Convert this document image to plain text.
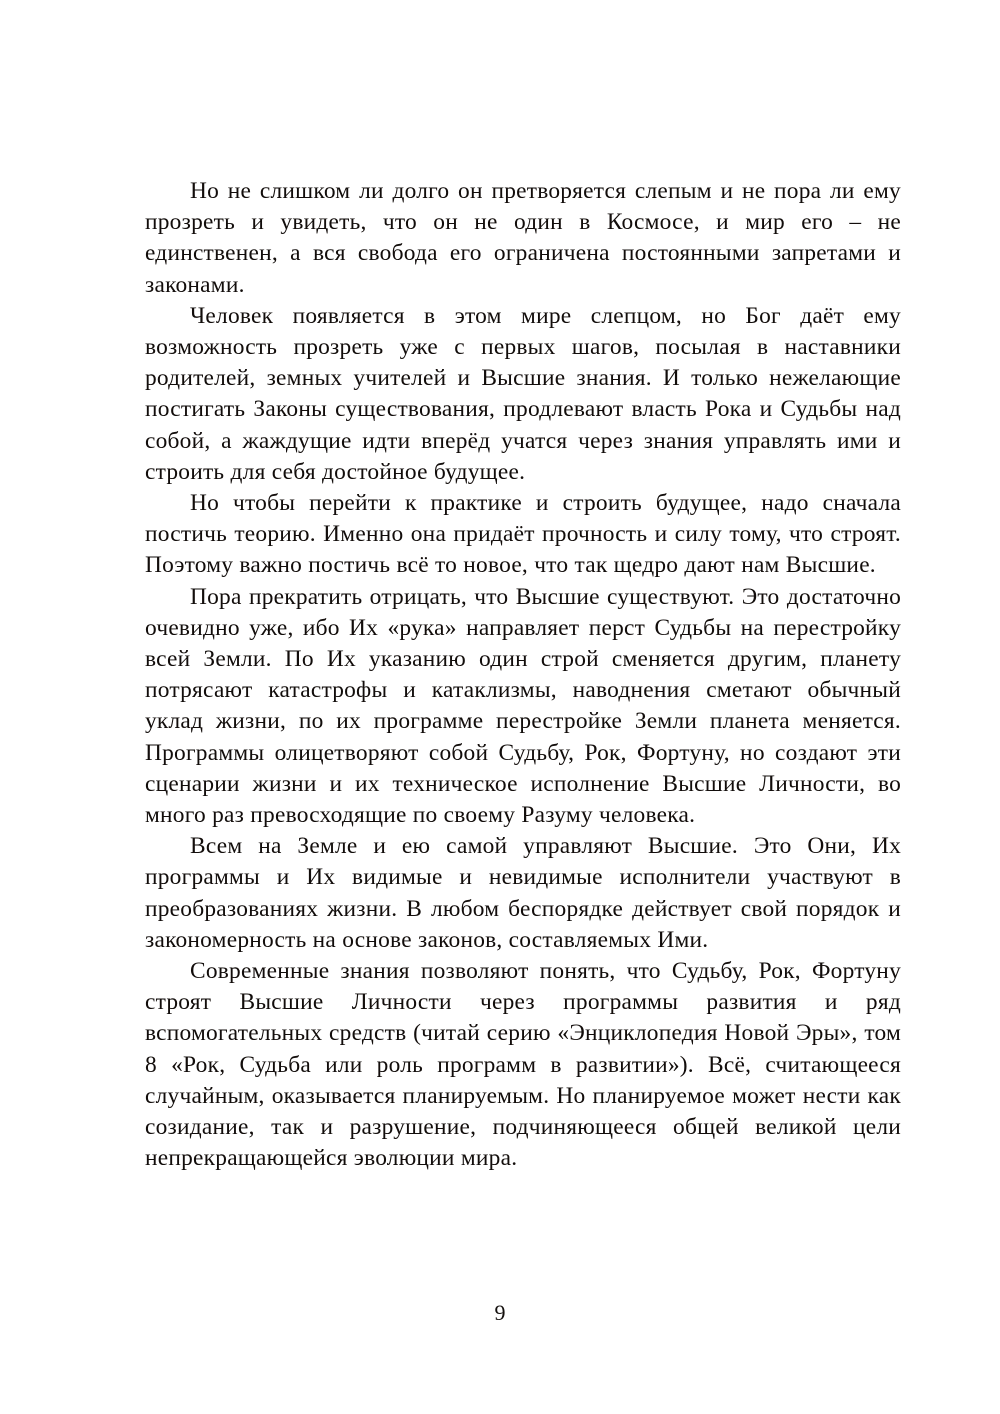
Но не слишком ли долго он претворяется слепым и не пора ли ему прозреть и увидеть, что он не один в Космосе, и мир его – не единственен, а вся свобода его ограничена постоянными запретами и законами.

Человек появляется в этом мире слепцом, но Бог даёт ему возможность прозреть уже с первых шагов, посылая в наставники родителей, земных учителей и Высшие знания. И только нежелающие постигать Законы существования, продлевают власть Рока и Судьбы над собой, а жаждущие идти вперёд учатся через знания управлять ими и строить для себя достойное будущее.

Но чтобы перейти к практике и строить будущее, надо сначала постичь теорию. Именно она придаёт прочность и силу тому, что строят. Поэтому важно постичь всё то новое, что так щедро дают нам Высшие.

Пора прекратить отрицать, что Высшие существуют. Это достаточно очевидно уже, ибо Их «рука» направляет перст Судьбы на перестройку всей Земли. По Их указанию один строй сменяется другим, планету потрясают катастрофы и катаклизмы, наводнения сметают обычный уклад жизни, по их программе перестройке Земли планета меняется. Программы олицетворяют собой Судьбу, Рок, Фортуну, но создают эти сценарии жизни и их техническое исполнение Высшие Личности, во много раз превосходящие по своему Разуму человека.

Всем на Земле и ею самой управляют Высшие. Это Они, Их программы и Их видимые и невидимые исполнители участвуют в преобразованиях жизни. В любом беспорядке действует свой порядок и закономерность на основе законов, составляемых Ими.

Современные знания позволяют понять, что Судьбу, Рок, Фортуну строят Высшие Личности через программы развития и ряд вспомогательных средств (читай серию «Энциклопедия Новой Эры», том 8 «Рок, Судьба или роль программ в развитии»). Всё, считающееся случайным, оказывается планируемым. Но планируемое может нести как созидание, так и разрушение, подчиняющееся общей великой цели непрекращающейся эволюции мира.

9
